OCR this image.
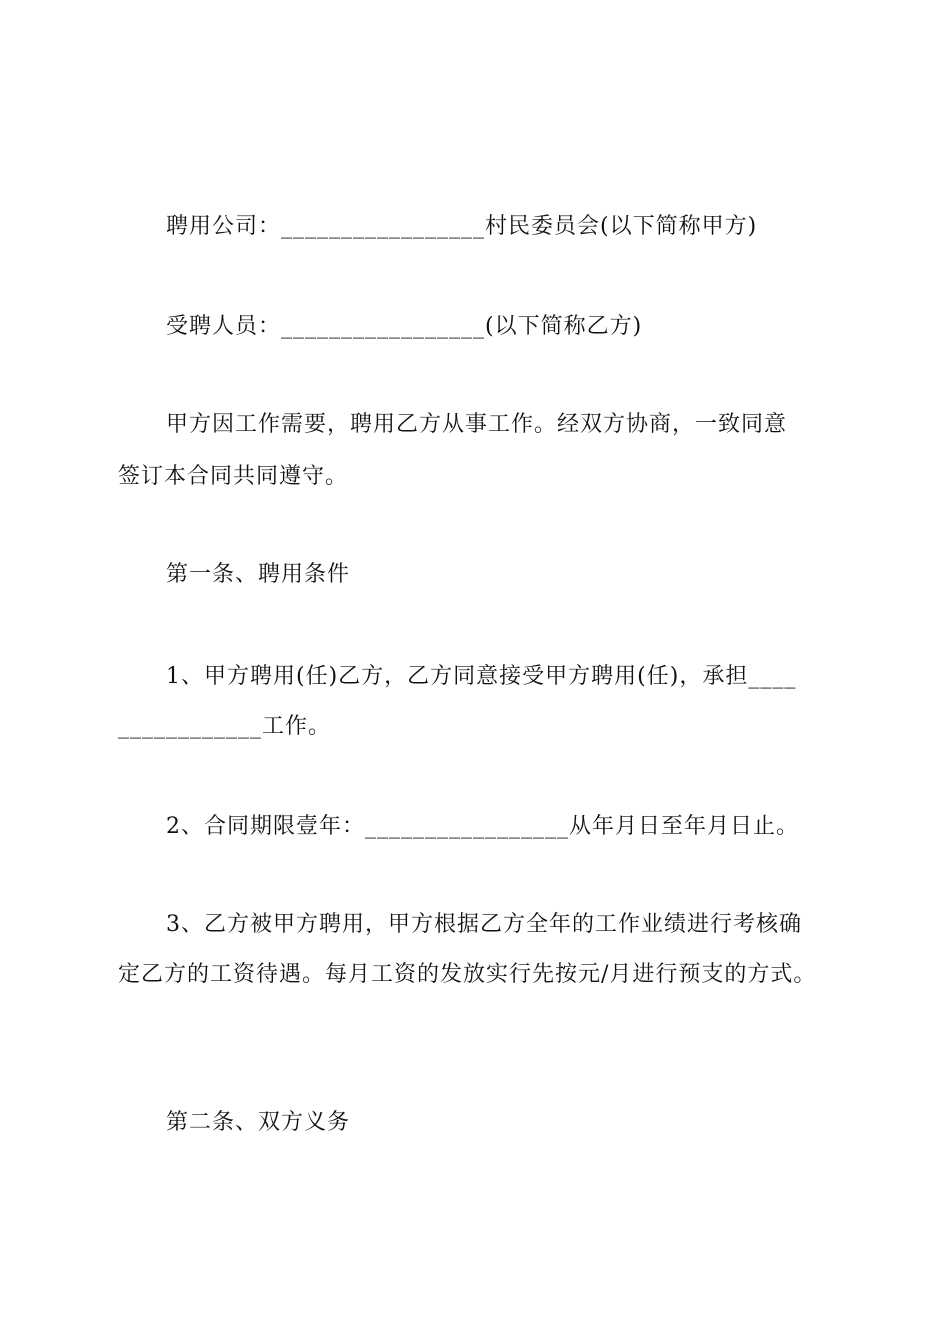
聘用公司：_________________村民委员会(以下简称甲方)
受聘人员：_________________(以下简称乙方)
甲方因工作需要，聘用乙方从事工作。经双方协商，一致同意
签订本合同共同遵守。
第一条、聘用条件
1、甲方聘用(任)乙方，乙方同意接受甲方聘用(任)，承担____
____________工作。
2、合同期限壹年：_________________从年月日至年月日止。
3、乙方被甲方聘用，甲方根据乙方全年的工作业绩进行考核确
定乙方的工资待遇。每月工资的发放实行先按元/月进行预支的方式。
第二条、双方义务
